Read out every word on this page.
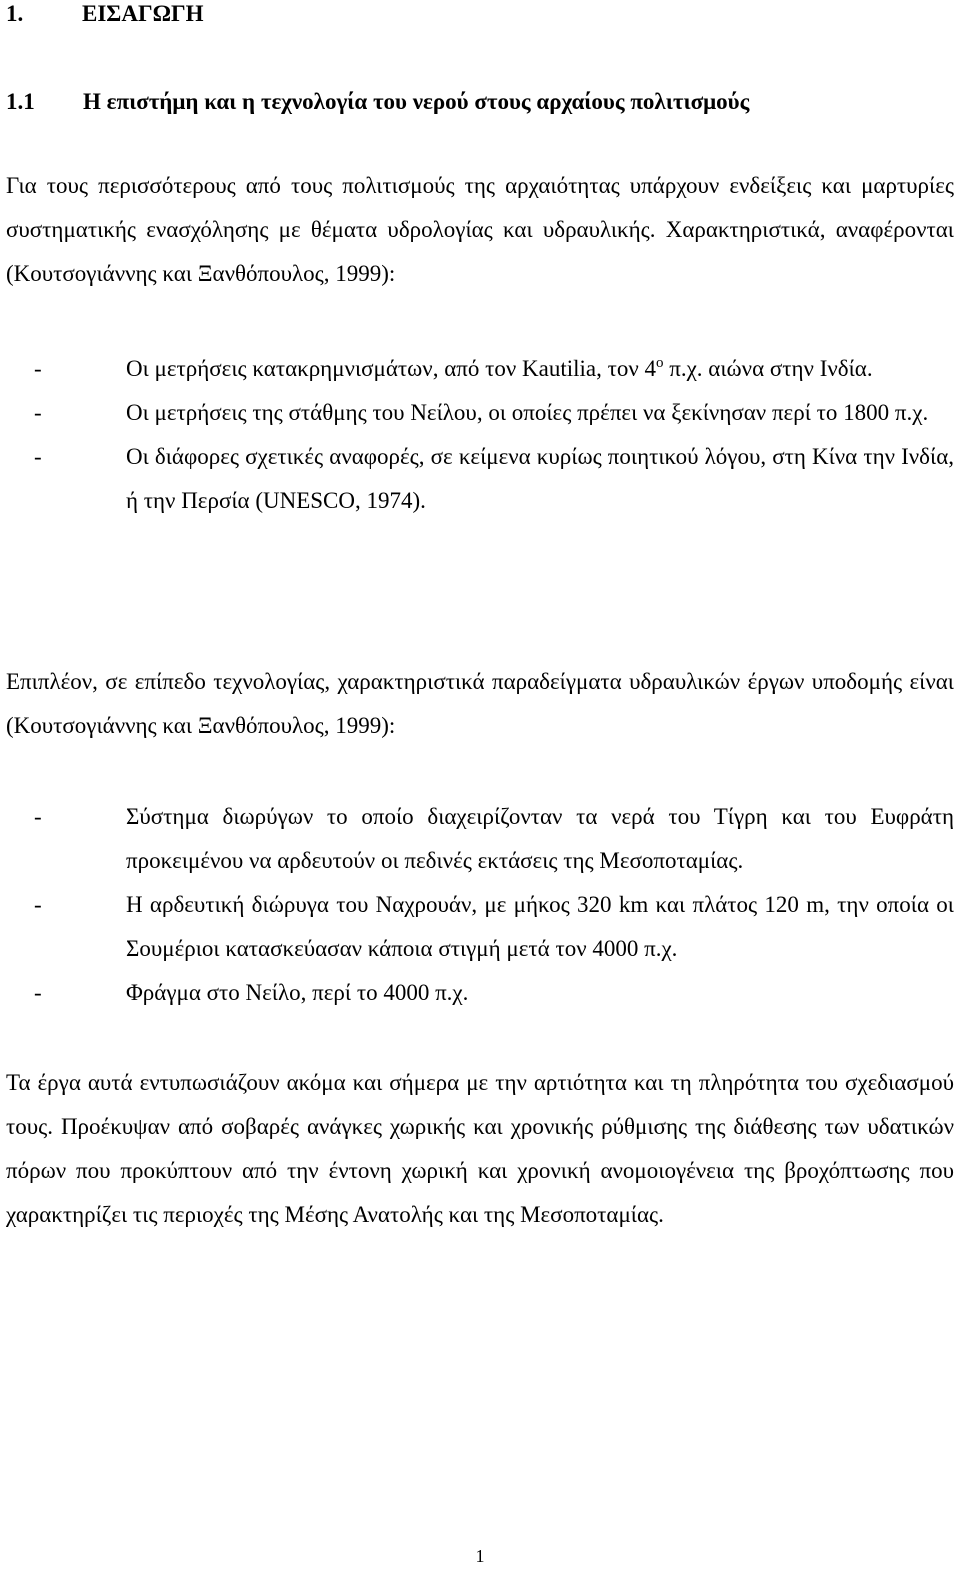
1.	ΕΙΣΑΓΩΓΗ
1.1 Η επιστήμη και η τεχνολογία του νερού στους αρχαίους πολιτισμούς

Για τους περισσότερους από τους πολιτισμούς της αρχαιότητας υπάρχουν ενδείξεις και μαρτυρίες συστηματικής ενασχόλησης με θέματα υδρολογίας και υδραυλικής. Χαρακτηριστικά, αναφέρονται (Κουτσογιάννης και Ξανθόπουλος, 1999):

-	Οι μετρήσεις κατακρημνισμάτων, από τον Kautilia, τον $4^o$ π.χ. αιώνα στην Ινδία.
-	Οι μετρήσεις της στάθμης του Νείλου, οι οποίες πρέπει να ξεκίνησαν περί το 1800 π.χ.
-	Οι διάφορες σχετικές αναφορές, σε κείμενα κυρίως ποιητικού λόγου, στη Κίνα την Ινδία, ή την Περσία (UNESCO, 1974).

Επιπλέον, σε επίπεδο τεχνολογίας, χαρακτηριστικά παραδείγματα υδραυλικών έργων υποδομής είναι (Κουτσογιάννης και Ξανθόπουλος, 1999):

-	Σύστημα διωρύγων το οποίο διαχειρίζονταν τα νερά του Τίγρη και του Ευφράτη προκειμένου να αρδευτούν οι πεδινές εκτάσεις της Μεσοποταμίας.
-	Η αρδευτική διώρυγα του Ναχρουάν, με μήκος 320 km και πλάτος 120 m, την οποία οι Σουμέριοι κατασκεύασαν κάποια στιγμή μετά τον 4000 π.χ.
-	Φράγμα στο Νείλο, περί το 4000 π.χ.

Τα έργα αυτά εντυπωσιάζουν ακόμα και σήμερα με την αρτιότητα και τη πληρότητα του σχεδιασμού τους. Προέκυψαν από σοβαρές ανάγκες χωρικής και χρονικής ρύθμισης της διάθεσης των υδατικών πόρων που προκύπτουν από την έντονη χωρική και χρονική ανομοιογένεια της βροχόπτωσης που χαρακτηρίζει τις περιοχές της Μέσης Ανατολής και της Μεσοποταμίας.

1
